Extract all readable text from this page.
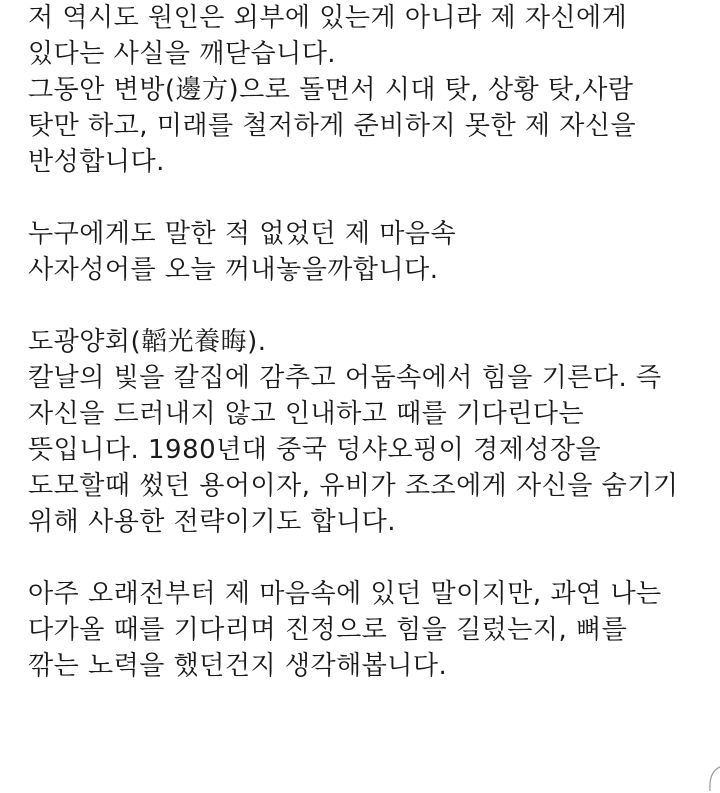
저 역시도 원인은 외부에 있는게 아니라 제 자신에게
있다는 사실을 깨닫습니다.
그동안 변방(邊方)으로 돌면서 시대 탓, 상황 탓,사람
탓만 하고, 미래를 철저하게 준비하지 못한 제 자신을
반성합니다.

누구에게도 말한 적 없었던 제 마음속
사자성어를 오늘 꺼내놓을까합니다.

도광양회(韜光養晦).
칼날의 빛을 칼집에 감추고 어둠속에서 힘을 기른다. 즉
자신을 드러내지 않고 인내하고 때를 기다린다는
뜻입니다. 1980년대 중국 덩샤오핑이 경제성장을
도모할때 썼던 용어이자, 유비가 조조에게 자신을 숨기기
위해 사용한 전략이기도 합니다.

아주 오래전부터 제 마음속에 있던 말이지만, 과연 나는
다가올 때를 기다리며 진정으로 힘을 길렀는지, 뼈를
깎는 노력을 했던건지 생각해봅니다.
